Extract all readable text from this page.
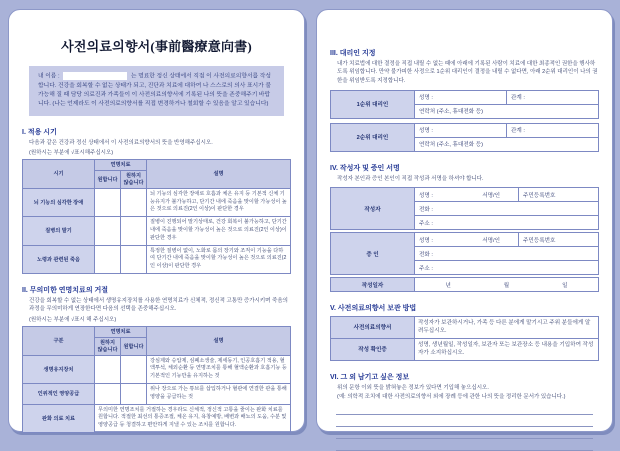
사전의료의향서(事前醫療意向書)
내 이름 :	는 명료한 정신 상태에서 직접 이 사전의료의향서를 작성합니다. 건강을 회복할 수 없는 상태가 되고, 진단과 치료에 대하여 나 스스로의 의사 표시가 불가능해 질 때 담당 의료진과 가족들이 이 사전의료의향서에 기록된 나의 뜻을 존중해주기 바랍니다. (나는 언제라도 이 사전의료의향서를 직접 변경하거나 철회할 수 있음을 알고 있습니다)
I. 적용 시기
다음과 같은 건강과 정신 상태에서 이 사전의료의향서의 뜻을 반영해주십시오.
(원하시는 부분에 √표시해주십시오)
시기	연명치료		설명
	원합니다	원하지 않습니다	
뇌 기능의 심각한 장애			뇌 기능의 심각한 장애로 호흡과 체온 유지 등 기본적 신체 기능유지가 불가능하고, 단기간 내에 죽음을 맞이할 가능성이 높은 것으로 의료진(2인 이상)이 판단한 경우
질병의 말기			질병이 진행되어 말기상태로, 건강 회복이 불가능하고, 단기간 내에 죽음을 맞이할 가능성이 높은 것으로 의료진(2인 이상)이 판단한 경우
노령과 관련된 죽음			특정한 질병이 없이, 노화로 몸의 장기와 조직이 기능을 다하여 단기간 내에 죽음을 맞이할 가능성이 높은 것으로 의료진(2인 이상)이 판단한 경우
II. 무의미한 연명치료의 거절
건강을 회복할 수 없는 상태에서 생명유지장치를 사용한 연명치료가 신체적, 정신적 고통만 증가시키며 죽음의 과정을 무의미하게 연장한다면 다음의 선택을 존중해주십시오.
(원하시는 부분에 √표시 해 주십시오)
구분	연명치료		설명
	원하지 않습니다	원합니다	
생명유지장치			강심제와 승압제, 심폐소생술, 제세동기, 인공호흡기 적용, 혈액투석, 체외순환 등 연명조치를 통해 혈액순환과 호흡기능 등 기본적인 기능만을 유지하는 것
인위적인 영양공급			위나 장으로 가는 튜브를 삽입하거나 혈관에 연결한 관을 통해 영양을 공급하는 것
완화 의료 치료	무의미한 연명조치를 거절하는 경우라도 신체적, 정신적 고통을 줄이는 완화 치료를 원합니다. 적절한 최선의 통증조절, 체온 유지, 욕창예방, 배변과 배뇨의 도움, 수분 및 영양공급 등 청결하고 편안하게 지낼 수 있는 조치를 원합니다.		
III. 대리인 지정
내가 치료법에 대한 결정을 직접 내릴 수 없는 때에 아래에 기록된 사람이 치료에 대한 최종적인 권한을 행사하도록 위임합니다. 만약 불가피한 사정으로 1순위 대리인이 결정을 내릴 수 없다면, 아래 2순위 대리인이 나의 권한을 위임받도록 지정합니다.
1순위 대리인	성명 :	관계 :
연락처 (주소, 휴대전화 등)
2순위 대리인	성명 :	관계 :
연락처 (주소, 휴대전화 등)
IV. 작성자 및 증인 서명
작성자 본인과 증인 본인이 직접 작성과 서명을 하셔야 합니다.
작성자	
성명 :	서명/인	주민등록번호
전화 :
주소 :
증 인	
성명 :	서명/인	주민등록번호
전화 :
주소 :
작성일자	년	월	일
V. 사전의료의향서 보관 방법
사전의료의향서	작성자가 보관하시거나, 가족 등 다른 분에게 맡기시고 주위 분들에게 알려두십시오.
작성 확인증	성명, 생년월일, 작성일자, 보관자 또는 보관장소 등 내용을 기입하여 작성자가 소지하십시오.
VI. 그 외 남기고 싶은 정보
위의 문항 이외 뜻을 밝혀놓은 정보가 있다면 기입해 놓으십시오.
(예: 의학적 조치에 대한 사전의료의향서 외에 장례 등에 관한 나의 뜻을 정리한 문서가 있습니다.)
